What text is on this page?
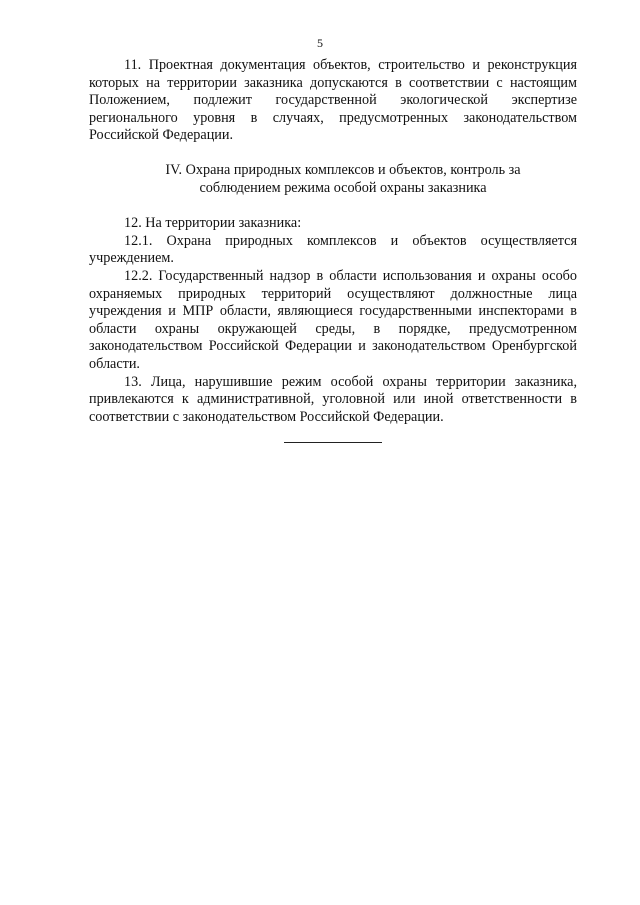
5

11. Проектная документация объектов, строительство и реконструкция которых на территории заказника допускаются в соответствии с настоящим Положением, подлежит государственной экологической экспертизе регионального уровня в случаях, предусмотренных законодательством Российской Федерации.

IV. Охрана природных комплексов и объектов, контроль за
соблюдением режима особой охраны заказника

12. На территории заказника:

12.1. Охрана природных комплексов и объектов осуществляется учреждением.

12.2. Государственный надзор в области использования и охраны особо охраняемых природных территорий осуществляют должностные лица учреждения и МПР области, являющиеся государственными инспекторами в области охраны окружающей среды, в порядке, предусмотренном законодательством Российской Федерации и законодательством Оренбургской области.

13. Лица, нарушившие режим особой охраны территории заказника, привлекаются к административной, уголовной или иной ответственности в соответствии с законодательством Российской Федерации.
